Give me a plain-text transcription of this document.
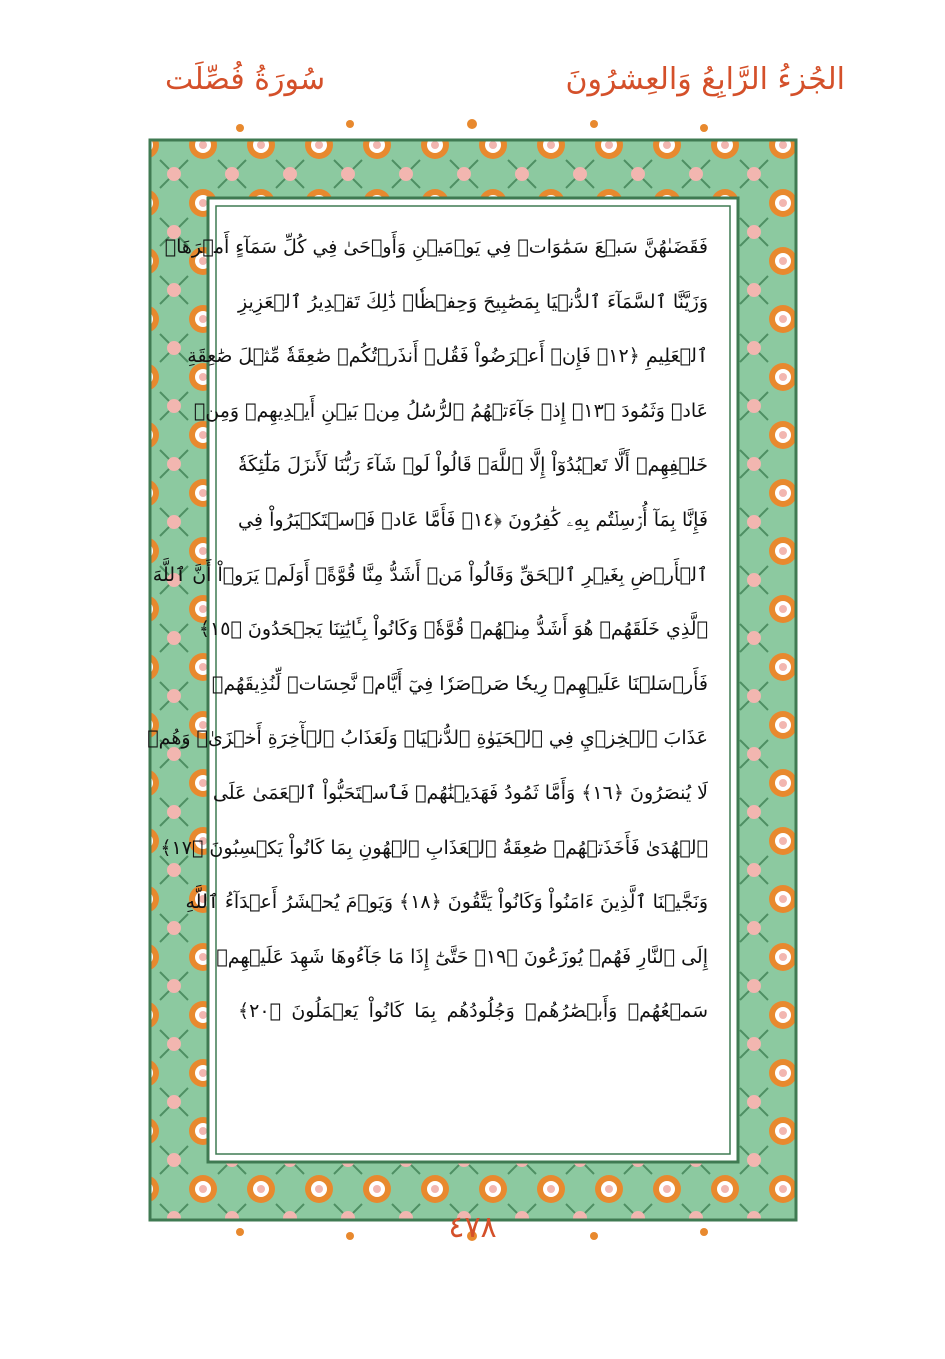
سُورَةُ فُصِّلَت	الجُزءُ الرَّابِعُ وَالعِشرُونَ
فَقَضَىٰهُنَّ سَبۡعَ سَمَٰوَاتٖ فِي يَوۡمَيۡنِ وَأَوۡحَىٰ فِي كُلِّ سَمَآءٍ أَمۡرَهَاۚ
وَزَيَّنَّا ٱلسَّمَآءَ ٱلدُّنۡيَا بِمَصَٰبِيحَ وَحِفۡظٗاۚ ذَٰلِكَ تَقۡدِيرُ ٱلۡعَزِيزِ
ٱلۡعَلِيمِ ﴿١٢﴾ فَإِنۡ أَعۡرَضُواْ فَقُلۡ أَنذَرۡتُكُمۡ صَٰعِقَةٗ مِّثۡلَ صَٰعِقَةِ
عَادٖ وَثَمُودَ ﴿١٣﴾ إِذۡ جَآءَتۡهُمُ ٱلرُّسُلُ مِنۢ بَيۡنِ أَيۡدِيهِمۡ وَمِنۡ
خَلۡفِهِمۡ أَلَّا تَعۡبُدُوٓاْ إِلَّا ٱللَّهَۖ قَالُواْ لَوۡ شَآءَ رَبُّنَا لَأَنزَلَ مَلَٰٓئِكَةٗ
فَإِنَّا بِمَآ أُرۡسِلۡتُم بِهِۦ كَٰفِرُونَ ﴿١٤﴾ فَأَمَّا عَادٞ فَٱسۡتَكۡبَرُواْ فِي
ٱلۡأَرۡضِ بِغَيۡرِ ٱلۡحَقِّ وَقَالُواْ مَنۡ أَشَدُّ مِنَّا قُوَّةًۖ أَوَلَمۡ يَرَوۡاْ أَنَّ ٱللَّهَ
ٱلَّذِي خَلَقَهُمۡ هُوَ أَشَدُّ مِنۡهُمۡ قُوَّةٗۖ وَكَانُواْ بِـَٔايَٰتِنَا يَجۡحَدُونَ ﴿١٥﴾
فَأَرۡسَلۡنَا عَلَيۡهِمۡ رِيحٗا صَرۡصَرٗا فِيٓ أَيَّامٖ نَّحِسَاتٖ لِّنُذِيقَهُمۡ
عَذَابَ ٱلۡخِزۡيِ فِي ٱلۡحَيَوٰةِ ٱلدُّنۡيَاۖ وَلَعَذَابُ ٱلۡأٓخِرَةِ أَخۡزَىٰۖ وَهُمۡ
لَا يُنصَرُونَ ﴿١٦﴾ وَأَمَّا ثَمُودُ فَهَدَيۡنَٰهُمۡ فَٱسۡتَحَبُّواْ ٱلۡعَمَىٰ عَلَى
ٱلۡهُدَىٰ فَأَخَذَتۡهُمۡ صَٰعِقَةُ ٱلۡعَذَابِ ٱلۡهُونِ بِمَا كَانُواْ يَكۡسِبُونَ ﴿١٧﴾
وَنَجَّيۡنَا ٱلَّذِينَ ءَامَنُواْ وَكَانُواْ يَتَّقُونَ ﴿١٨﴾ وَيَوۡمَ يُحۡشَرُ أَعۡدَآءُ ٱللَّهِ
إِلَى ٱلنَّارِ فَهُمۡ يُوزَعُونَ ﴿١٩﴾ حَتَّىٰٓ إِذَا مَا جَآءُوهَا شَهِدَ عَلَيۡهِمۡ
سَمۡعُهُمۡ وَأَبۡصَٰرُهُمۡ وَجُلُودُهُم بِمَا كَانُواْ يَعۡمَلُونَ ﴿٢٠﴾
٤٧٨
